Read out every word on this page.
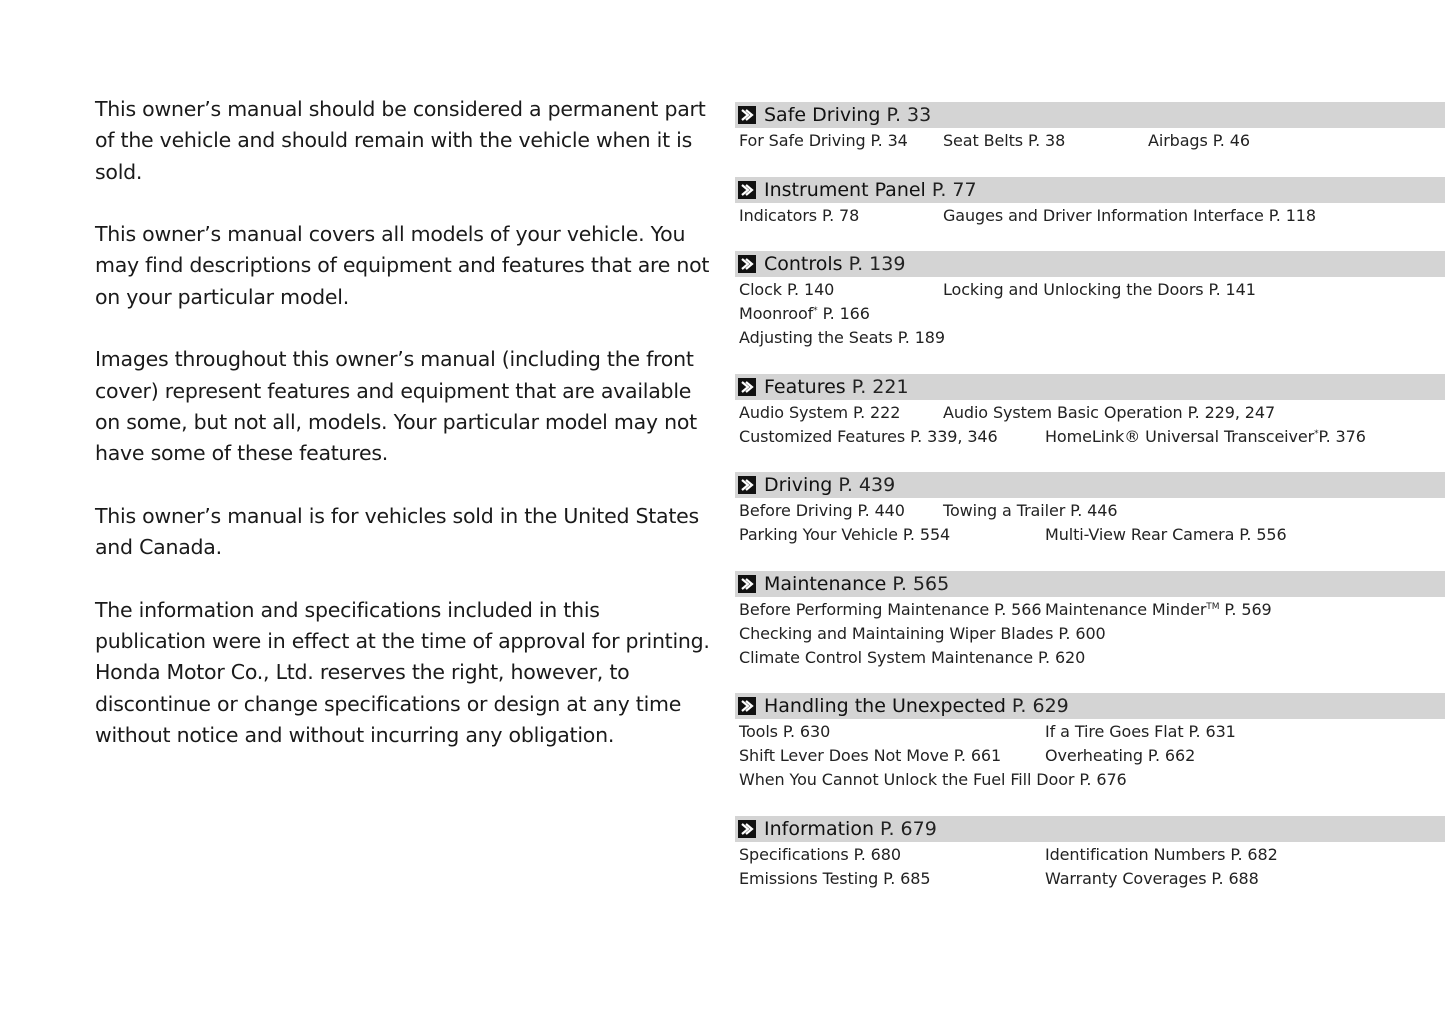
This owner’s manual should be considered a permanent part of the vehicle and should remain with the vehicle when it is sold.

This owner’s manual covers all models of your vehicle. You may find descriptions of equipment and features that are not on your particular model.

Images throughout this owner’s manual (including the front cover) represent features and equipment that are available on some, but not all, models. Your particular model may not have some of these features.

This owner’s manual is for vehicles sold in the United States and Canada.

The information and specifications included in this publication were in effect at the time of approval for printing. Honda Motor Co., Ltd. reserves the right, however, to discontinue or change specifications or design at any time without notice and without incurring any obligation.

Safe Driving P. 33
For Safe Driving P. 34 Seat Belts P. 38	Airbags P. 46
Instrument Panel P. 77
Indicators P. 78	Gauges and Driver Information Interface P. 118
Controls P. 139
Clock P. 140	Locking and Unlocking the Doors P. 141
Moonroof* P. 166
Adjusting the Seats P. 189
Features P. 221
Audio System P. 222	Audio System Basic Operation P. 229, 247
Customized Features P. 339, 346	HomeLink® Universal Transceiver*P. 376
Driving P. 439
Before Driving P. 440 Towing a Trailer P. 446
Parking Your Vehicle P. 554	Multi-View Rear Camera P. 556
Maintenance P. 565
Before Performing Maintenance P. 566 Maintenance Minder™ P. 569
Checking and Maintaining Wiper Blades P. 600
Climate Control System Maintenance P. 620
Handling the Unexpected P. 629
Tools P. 630	If a Tire Goes Flat P. 631
Shift Lever Does Not Move P. 661	Overheating P. 662
When You Cannot Unlock the Fuel Fill Door P. 676
Information P. 679
Specifications P. 680	Identification Numbers P. 682
Emissions Testing P. 685	Warranty Coverages P. 688
